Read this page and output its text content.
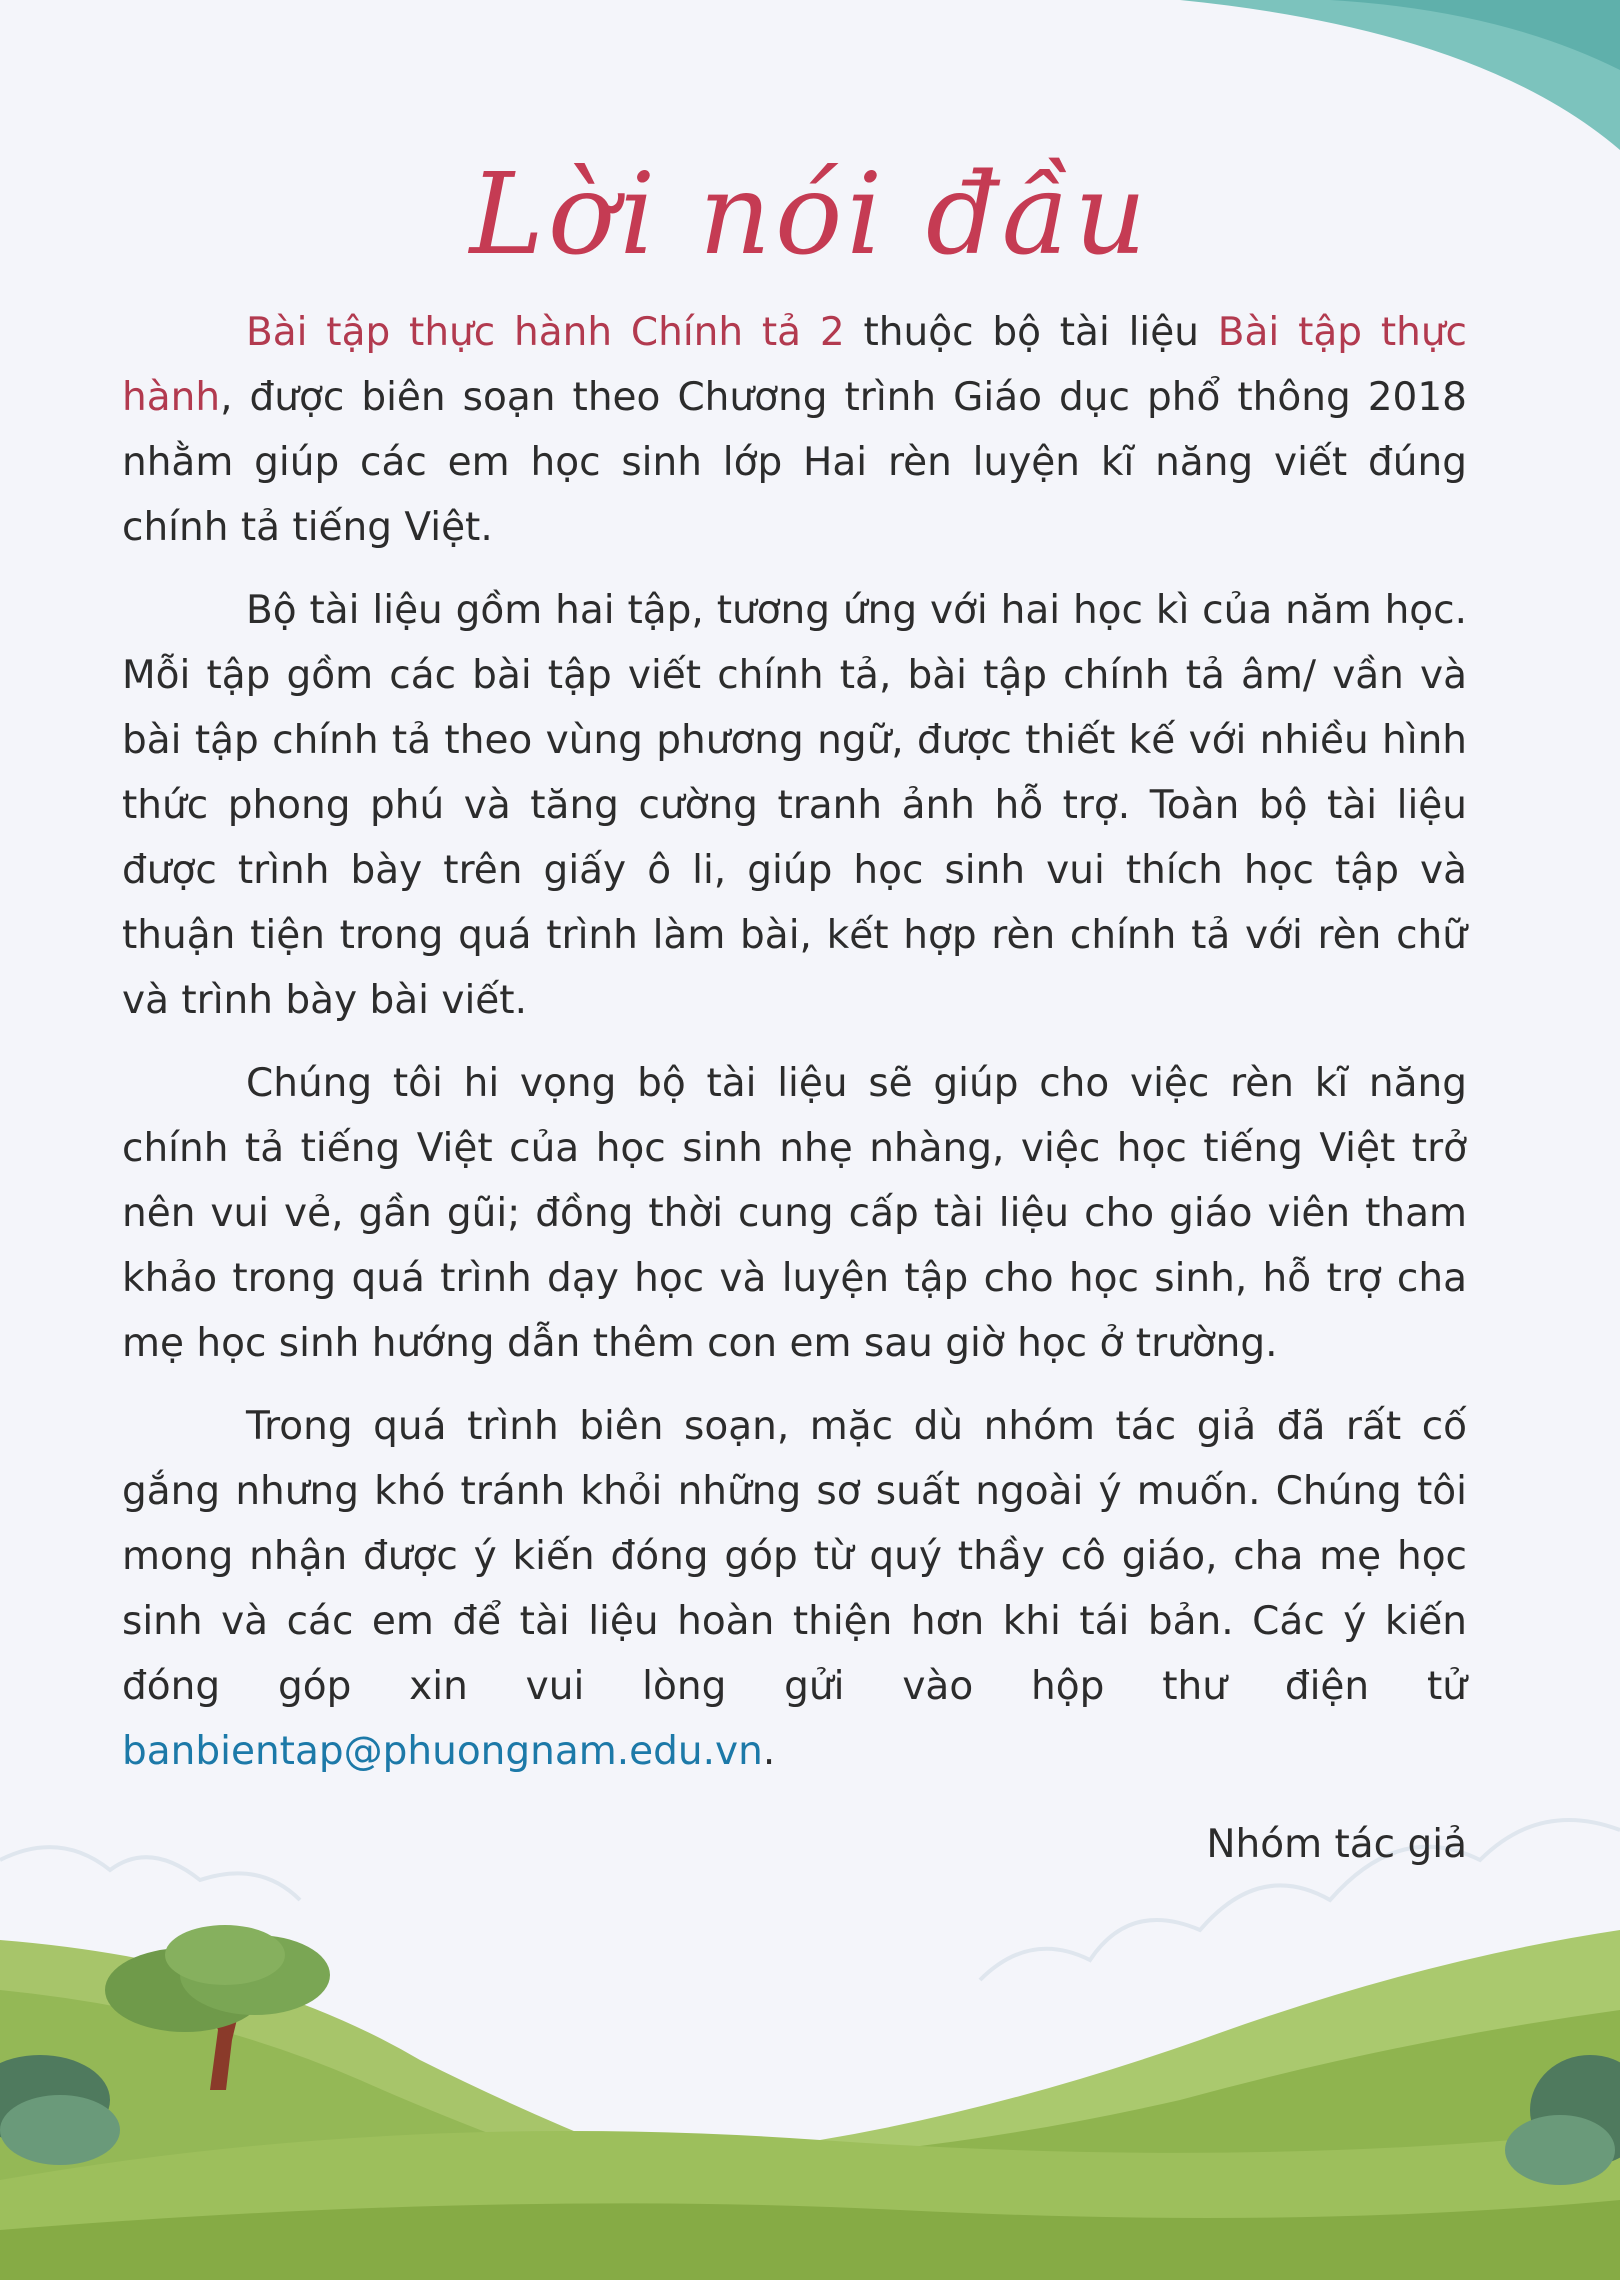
Lời nói đầu

Bài tập thực hành Chính tả 2 thuộc bộ tài liệu Bài tập thực hành, được biên soạn theo Chương trình Giáo dục phổ thông 2018 nhằm giúp các em học sinh lớp Hai rèn luyện kĩ năng viết đúng chính tả tiếng Việt.

Bộ tài liệu gồm hai tập, tương ứng với hai học kì của năm học. Mỗi tập gồm các bài tập viết chính tả, bài tập chính tả âm/ vần và bài tập chính tả theo vùng phương ngữ, được thiết kế với nhiều hình thức phong phú và tăng cường tranh ảnh hỗ trợ. Toàn bộ tài liệu được trình bày trên giấy ô li, giúp học sinh vui thích học tập và thuận tiện trong quá trình làm bài, kết hợp rèn chính tả với rèn chữ và trình bày bài viết.

Chúng tôi hi vọng bộ tài liệu sẽ giúp cho việc rèn kĩ năng chính tả tiếng Việt của học sinh nhẹ nhàng, việc học tiếng Việt trở nên vui vẻ, gần gũi; đồng thời cung cấp tài liệu cho giáo viên tham khảo trong quá trình dạy học và luyện tập cho học sinh, hỗ trợ cha mẹ học sinh hướng dẫn thêm con em sau giờ học ở trường.

Trong quá trình biên soạn, mặc dù nhóm tác giả đã rất cố gắng nhưng khó tránh khỏi những sơ suất ngoài ý muốn. Chúng tôi mong nhận được ý kiến đóng góp từ quý thầy cô giáo, cha mẹ học sinh và các em để tài liệu hoàn thiện hơn khi tái bản. Các ý kiến đóng góp xin vui lòng gửi vào hộp thư điện tử banbientap@phuongnam.edu.vn.

Nhóm tác giả
